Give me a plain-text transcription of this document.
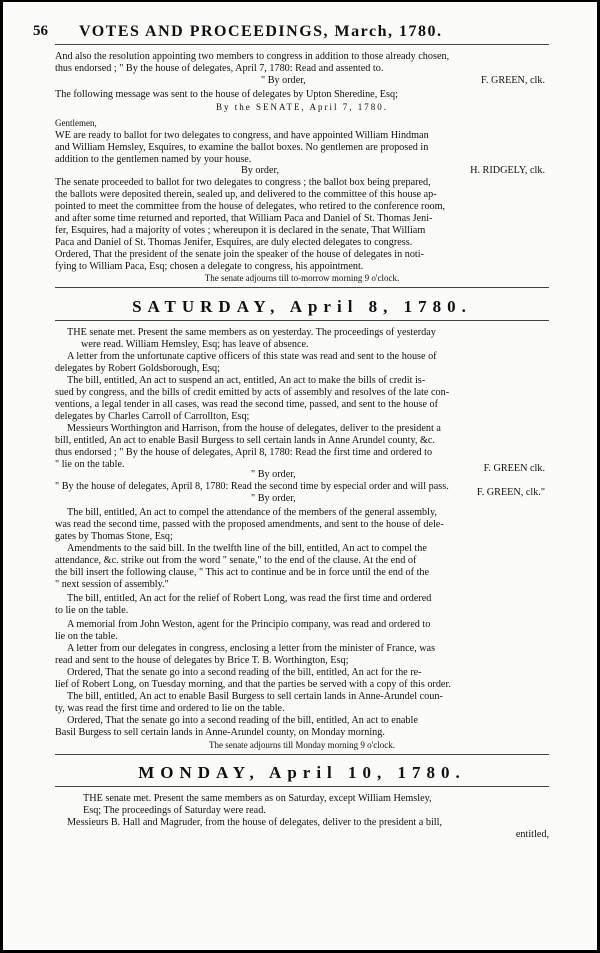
56 VOTES AND PROCEEDINGS, March, 1780.
And also the resolution appointing two members to congress in addition to those already chosen,
thus endorsed ; " By the house of delegates, April 7, 1780: Read and assented to.
" By order,	F. GREEN, clk.
The following message was sent to the house of delegates by Upton Sheredine, Esq;
By the SENATE, April 7, 1780.
Gentlemen,
WE are ready to ballot for two delegates to congress, and have appointed William Hindman
and William Hemsley, Esquires, to examine the ballot boxes. No gentlemen are proposed in
addition to the gentlemen named by your house.
By order,	H. RIDGELY, clk.
The senate proceeded to ballot for two delegates to congress ; the ballot box being prepared,
the ballots were deposited therein, sealed up, and delivered to the committee of this house ap-
pointed to meet the committee from the house of delegates, who retired to the conference room,
and after some time returned and reported, that William Paca and Daniel of St. Thomas Jeni-
fer, Esquires, had a majority of votes ; whereupon it is declared in the senate, That William
Paca and Daniel of St. Thomas Jenifer, Esquires, are duly elected delegates to congress.
Ordered, That the president of the senate join the speaker of the house of delegates in noti-
fying to William Paca, Esq; chosen a delegate to congress, his appointment.
The senate adjourns till to-morrow morning 9 o'clock.
SATURDAY, April 8, 1780.
THE senate met. Present the same members as on yesterday. The proceedings of yesterday
were read. William Hemsley, Esq; has leave of absence.
A letter from the unfortunate captive officers of this state was read and sent to the house of
delegates by Robert Goldsborough, Esq;
The bill, entitled, An act to suspend an act, entitled, An act to make the bills of credit is-
sued by congress, and the bills of credit emitted by acts of assembly and resolves of the late con-
ventions, a legal tender in all cases, was read the second time, passed, and sent to the house of
delegates by Charles Carroll of Carrollton, Esq;
Messieurs Worthington and Harrison, from the house of delegates, deliver to the president a
bill, entitled, An act to enable Basil Burgess to sell certain lands in Anne Arundel county, &c.
thus endorsed ; " By the house of delegates, April 8, 1780: Read the first time and ordered to
" lie on the table.
" By order,
F. GREEN clk.
" By the house of delegates, April 8, 1780: Read the second time by especial order and will pass.
" By order,
F. GREEN, clk."
The bill, entitled, An act to compel the attendance of the members of the general assembly,
was read the second time, passed with the proposed amendments, and sent to the house of dele-
gates by Thomas Stone, Esq;
Amendments to the said bill. In the twelfth line of the bill, entitled, An act to compel the
attendance, &c. strike out from the word " senate," to the end of the clause. At the end of
the bill insert the following clause, " This act to continue and be in force until the end of the
" next session of assembly."
The bill, entitled, An act for the relief of Robert Long, was read the first time and ordered
to lie on the table.
A memorial from John Weston, agent for the Principio company, was read and ordered to
lie on the table.
A letter from our delegates in congress, enclosing a letter from the minister of France, was
read and sent to the house of delegates by Brice T. B. Worthington, Esq;
Ordered, That the senate go into a second reading of the bill, entitled, An act for the re-
lief of Robert Long, on Tuesday morning, and that the parties be served with a copy of this order.
The bill, entitled, An act to enable Basil Burgess to sell certain lands in Anne-Arundel coun-
ty, was read the first time and ordered to lie on the table.
Ordered, That the senate go into a second reading of the bill, entitled, An act to enable
Basil Burgess to sell certain lands in Anne-Arundel county, on Monday morning.
The senate adjourns till Monday morning 9 o'clock.
MONDAY, April 10, 1780.
THE senate met. Present the same members as on Saturday, except William Hemsley,
Esq; The proceedings of Saturday were read.
Messieurs B. Hall and Magruder, from the house of delegates, deliver to the president a bill,
entitled,
